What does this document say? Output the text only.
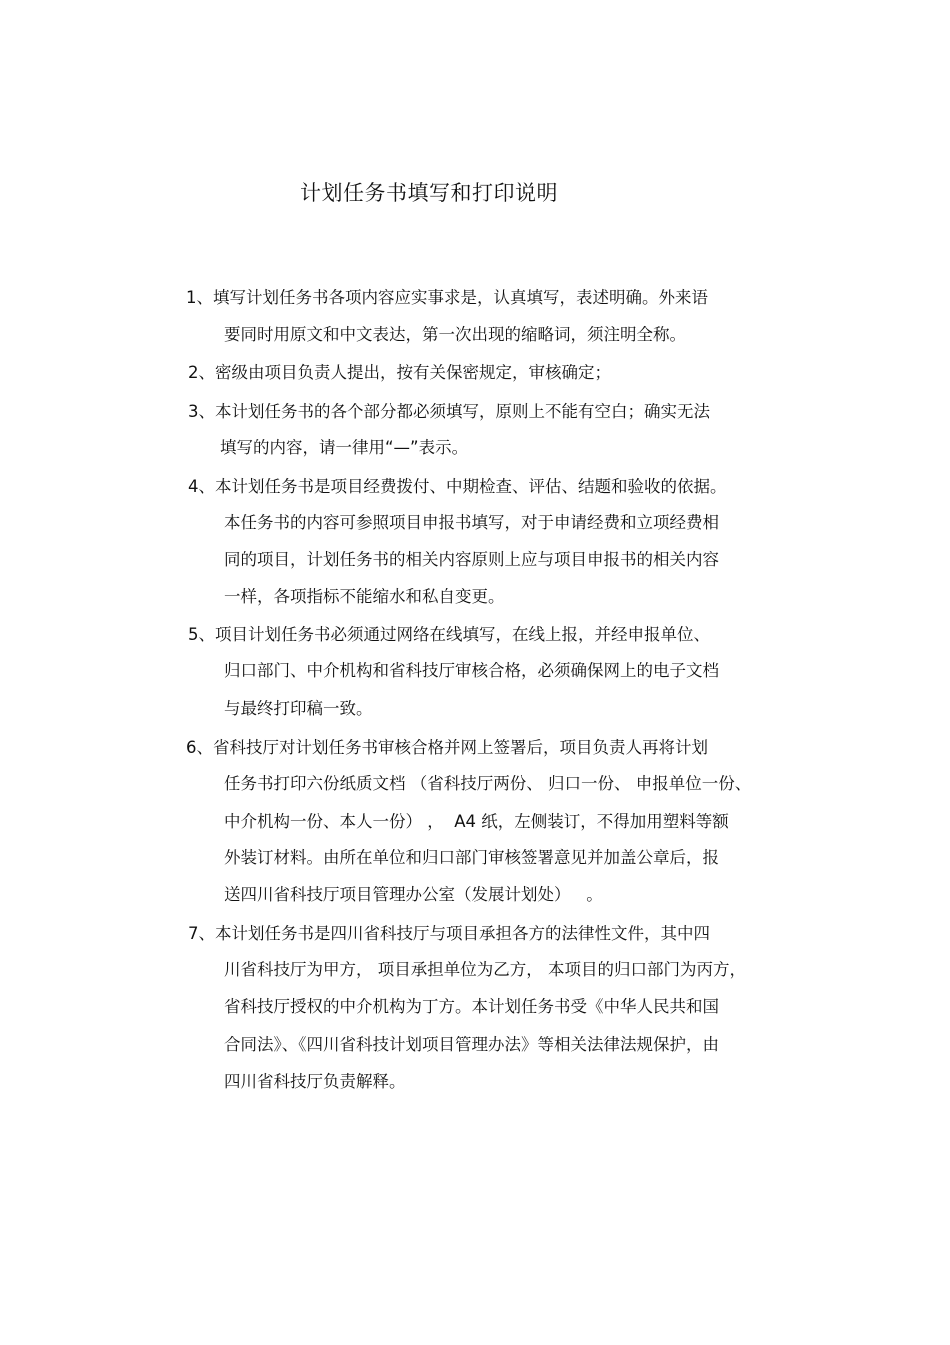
计划任务书填写和打印说明
1、填写计划任务书各项内容应实事求是，认真填写，表述明确。外来语
要同时用原文和中文表达，第一次出现的缩略词，须注明全称。
2、密级由项目负责人提出，按有关保密规定，审核确定；
3、本计划任务书的各个部分都必须填写，原则上不能有空白；确实无法
填写的内容，请一律用“—”表示。
4、本计划任务书是项目经费拨付、中期检查、评估、结题和验收的依据。
本任务书的内容可参照项目申报书填写，对于申请经费和立项经费相
同的项目，计划任务书的相关内容原则上应与项目申报书的相关内容
一样，各项指标不能缩水和私自变更。
5、项目计划任务书必须通过网络在线填写，在线上报，并经申报单位、
归口部门、中介机构和省科技厅审核合格，必须确保网上的电子文档
与最终打印稿一致。
6、省科技厅对计划任务书审核合格并网上签署后，项目负责人再将计划
任务书打印六份纸质文档 （省科技厅两份、 归口一份、 申报单位一份、
中介机构一份、本人一份） ，  A4 纸，左侧装订，不得加用塑料等额
外装订材料。由所在单位和归口部门审核签署意见并加盖公章后，报
送四川省科技厅项目管理办公室（发展计划处）   。
7、本计划任务书是四川省科技厅与项目承担各方的法律性文件，其中四
川省科技厅为甲方， 项目承担单位为乙方， 本项目的归口部门为丙方，
省科技厅授权的中介机构为丁方。本计划任务书受《中华人民共和国
合同法》、《四川省科技计划项目管理办法》等相关法律法规保护，由
四川省科技厅负责解释。
